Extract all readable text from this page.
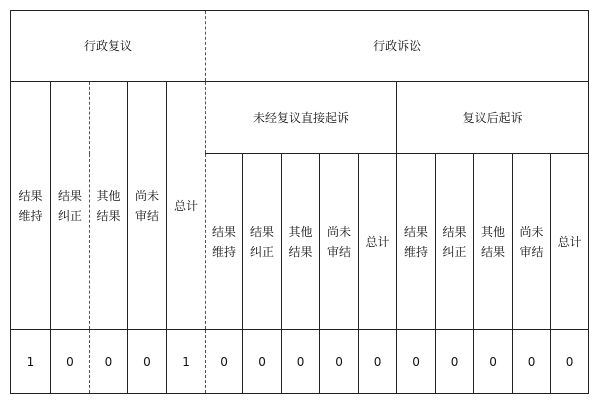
行政复议					行政诉讼									
结果维持	结果纠正	其他结果	尚未审结	总计	未经复议直接起诉					复议后起诉				
					结果维持	结果纠正	其他结果	尚未审结	总计	结果维持	结果纠正	其他结果	尚未审结	总计
1	0	0	0	1	0	0	0	0	0	0	0	0	0	0
